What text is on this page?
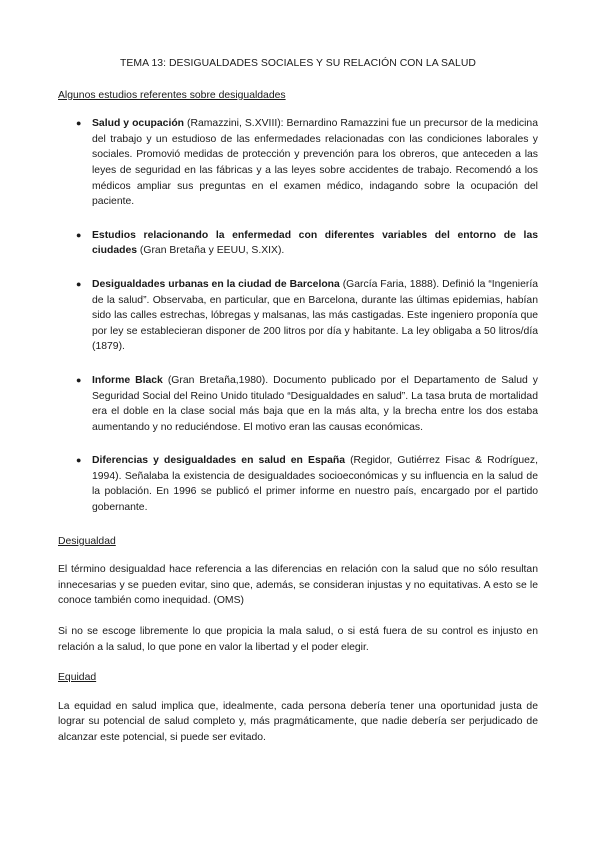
TEMA 13: DESIGUALDADES SOCIALES Y SU RELACIÓN CON LA SALUD
Algunos estudios referentes sobre desigualdades
● Salud y ocupación (Ramazzini, S.XVIII): Bernardino Ramazzini fue un precursor de la medicina del trabajo y un estudioso de las enfermedades relacionadas con las condiciones laborales y sociales. Promovió medidas de protección y prevención para los obreros, que anteceden a las leyes de seguridad en las fábricas y a las leyes sobre accidentes de trabajo. Recomendó a los médicos ampliar sus preguntas en el examen médico, indagando sobre la ocupación del paciente.
● Estudios relacionando la enfermedad con diferentes variables del entorno de las ciudades (Gran Bretaña y EEUU, S.XIX).
● Desigualdades urbanas en la ciudad de Barcelona (García Faria, 1888). Definió la “Ingeniería de la salud”. Observaba, en particular, que en Barcelona, durante las últimas epidemias, habían sido las calles estrechas, lóbregas y malsanas, las más castigadas. Este ingeniero proponía que por ley se establecieran disponer de 200 litros por día y habitante. La ley obligaba a 50 litros/día (1879).
● Informe Black (Gran Bretaña,1980). Documento publicado por el Departamento de Salud y Seguridad Social del Reino Unido titulado “Desigualdades en salud”. La tasa bruta de mortalidad era el doble en la clase social más baja que en la más alta, y la brecha entre los dos estaba aumentando y no reduciéndose. El motivo eran las causas económicas.
● Diferencias y desigualdades en salud en España (Regidor, Gutiérrez Fisac & Rodríguez, 1994). Señalaba la existencia de desigualdades socioeconómicas y su influencia en la salud de la población. En 1996 se publicó el primer informe en nuestro país, encargado por el partido gobernante.
Desigualdad

El término desigualdad hace referencia a las diferencias en relación con la salud que no sólo resultan innecesarias y se pueden evitar, sino que, además, se consideran injustas y no equitativas. A esto se le conoce también como inequidad. (OMS)

Si no se escoge libremente lo que propicia la mala salud, o si está fuera de su control es injusto en relación a la salud, lo que pone en valor la libertad y el poder elegir.

Equidad

La equidad en salud implica que, idealmente, cada persona debería tener una oportunidad justa de lograr su potencial de salud completo y, más pragmáticamente, que nadie debería ser perjudicado de alcanzar este potencial, si puede ser evitado.
